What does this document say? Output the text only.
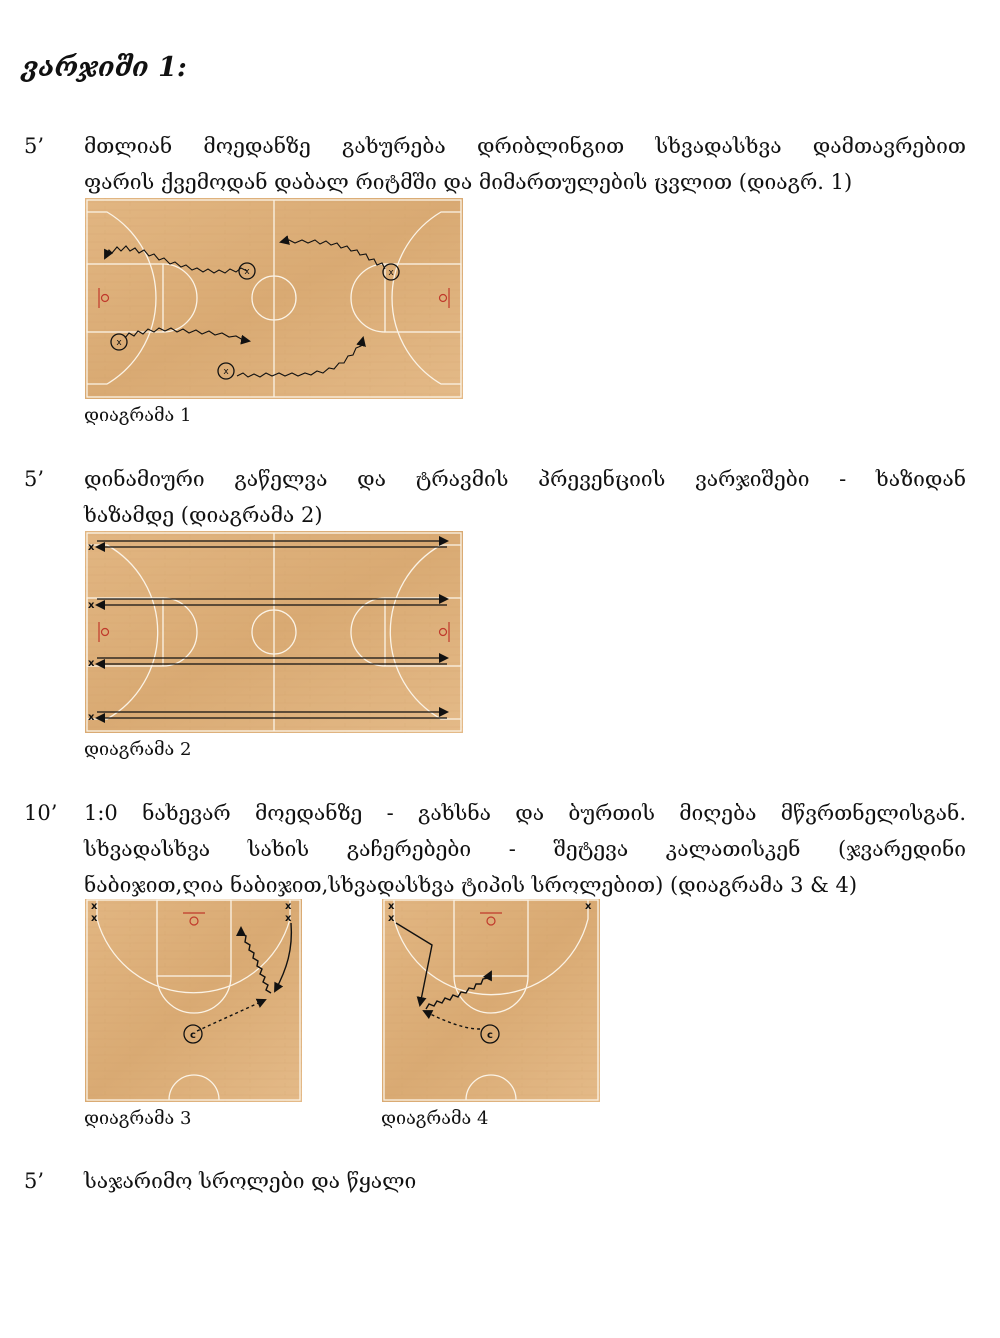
ვარჯიში 1:
5’ მთლიან მოედანზე გახურება დრიბლინგით სხვადასხვა დამთავრებით
ფარის ქვემოდან დაბალ რიტმში და მიმართულების ცვლით (დიაგრ. 1)
x	x
x
x
დიაგრამა 1
5’ დინამიური გაწელვა და ტრავმის პრევენციის ვარჯიშები - ხაზიდან
ხაზამდე (დიაგრამა 2)
x
x
x
x
დიაგრამა 2
10’ 1:0 ნახევარ მოედანზე - გახსნა და ბურთის მიღება მწვრთნელისგან.
სხვადასხვა სახის გაჩერებები - შეტევა კალათისკენ (ჯვარედინი
ნაბიჯით,ღია ნაბიჯით,სხვადასხვა ტიპის სროლებით) (დიაგრამა 3 & 4)
x
x
x
x
c
დიაგრამა 3
x
x
x
c
დიაგრამა 4
5’ საჯარიმო სროლები და წყალი
